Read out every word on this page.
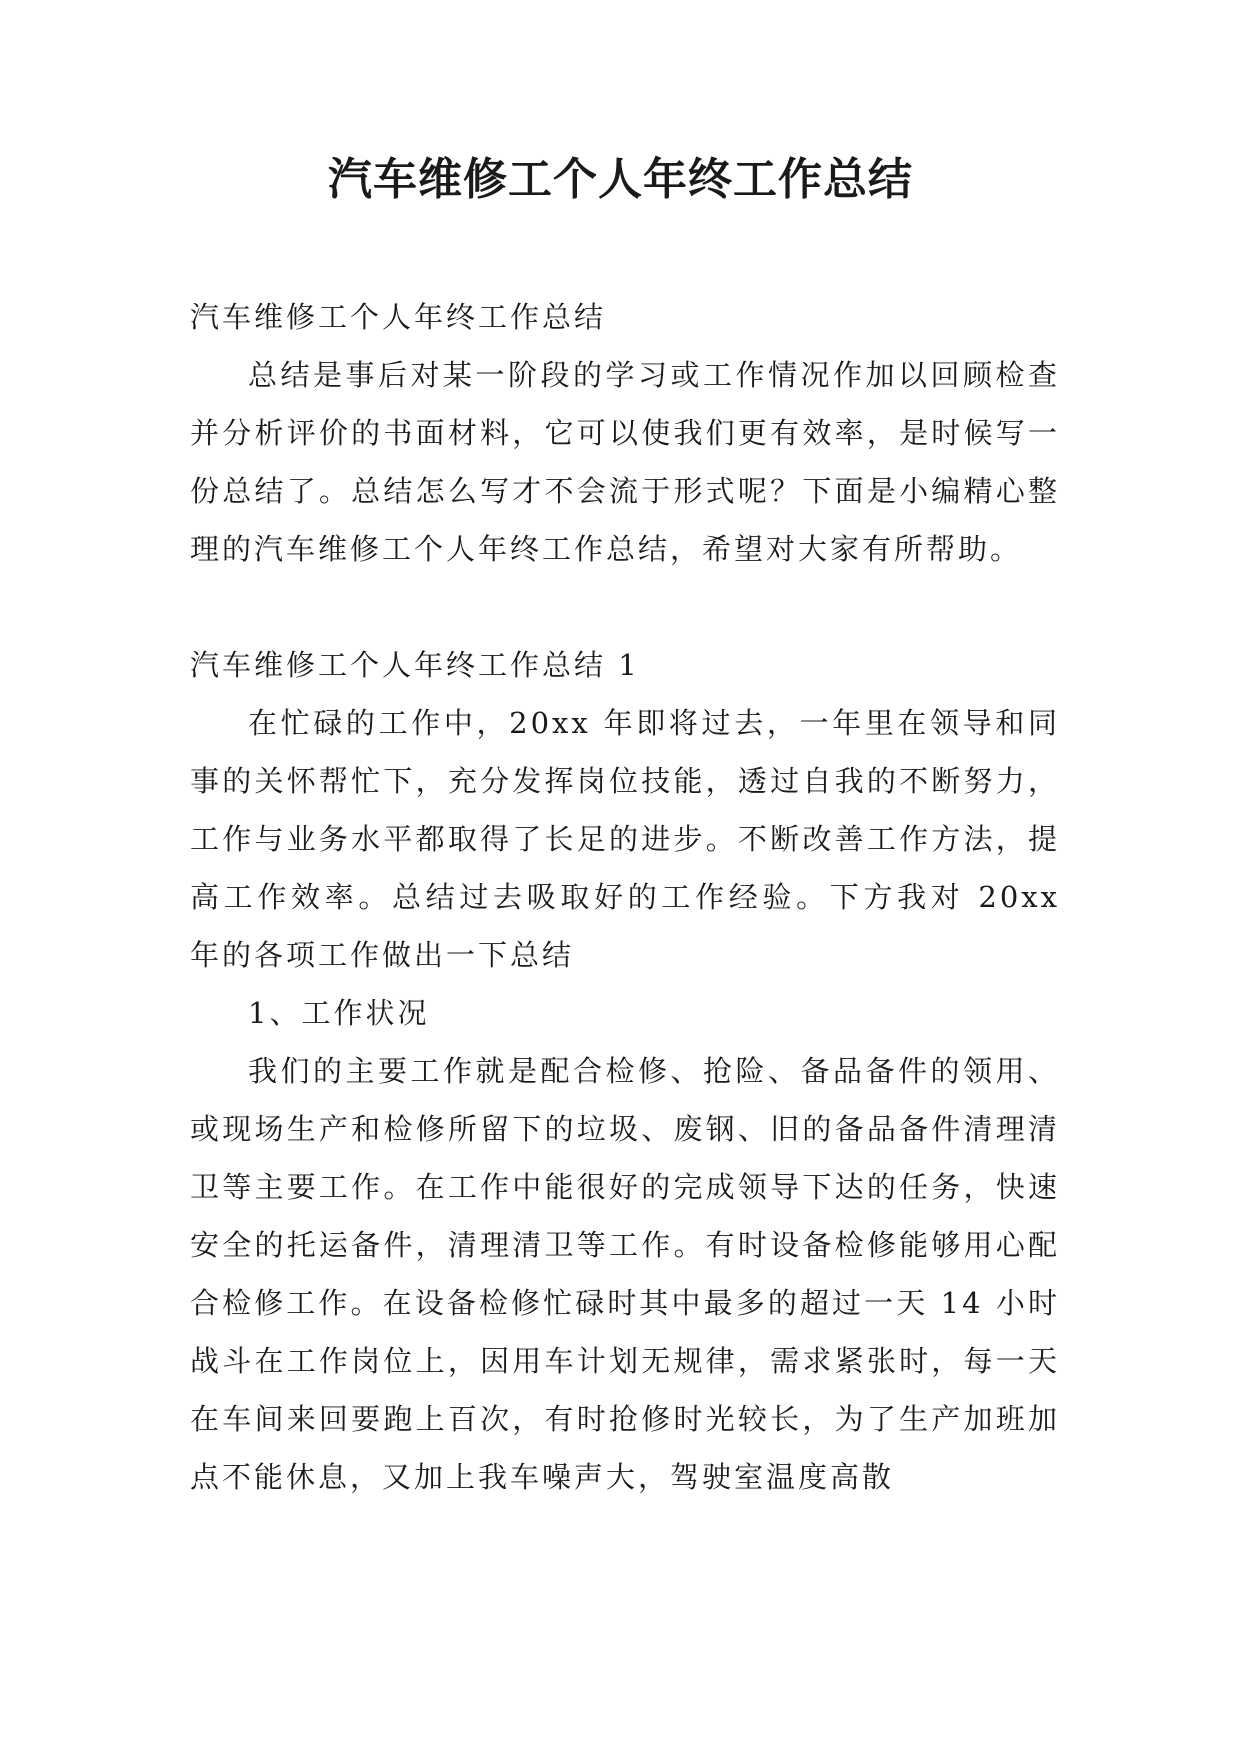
汽车维修工个人年终工作总结

汽车维修工个人年终工作总结

总结是事后对某一阶段的学习或工作情况作加以回顾检查并分析评价的书面材料，它可以使我们更有效率，是时候写一份总结了。总结怎么写才不会流于形式呢？下面是小编精心整理的汽车维修工个人年终工作总结，希望对大家有所帮助。

汽车维修工个人年终工作总结 1

在忙碌的工作中，20xx 年即将过去，一年里在领导和同事的关怀帮忙下，充分发挥岗位技能，透过自我的不断努力，工作与业务水平都取得了长足的进步。不断改善工作方法，提高工作效率。总结过去吸取好的工作经验。下方我对 20xx 年的各项工作做出一下总结

1、工作状况

我们的主要工作就是配合检修、抢险、备品备件的领用、或现场生产和检修所留下的垃圾、废钢、旧的备品备件清理清卫等主要工作。在工作中能很好的完成领导下达的任务，快速安全的托运备件，清理清卫等工作。有时设备检修能够用心配合检修工作。在设备检修忙碌时其中最多的超过一天 14 小时战斗在工作岗位上，因用车计划无规律，需求紧张时，每一天在车间来回要跑上百次，有时抢修时光较长，为了生产加班加点不能休息，又加上我车噪声大，驾驶室温度高散
